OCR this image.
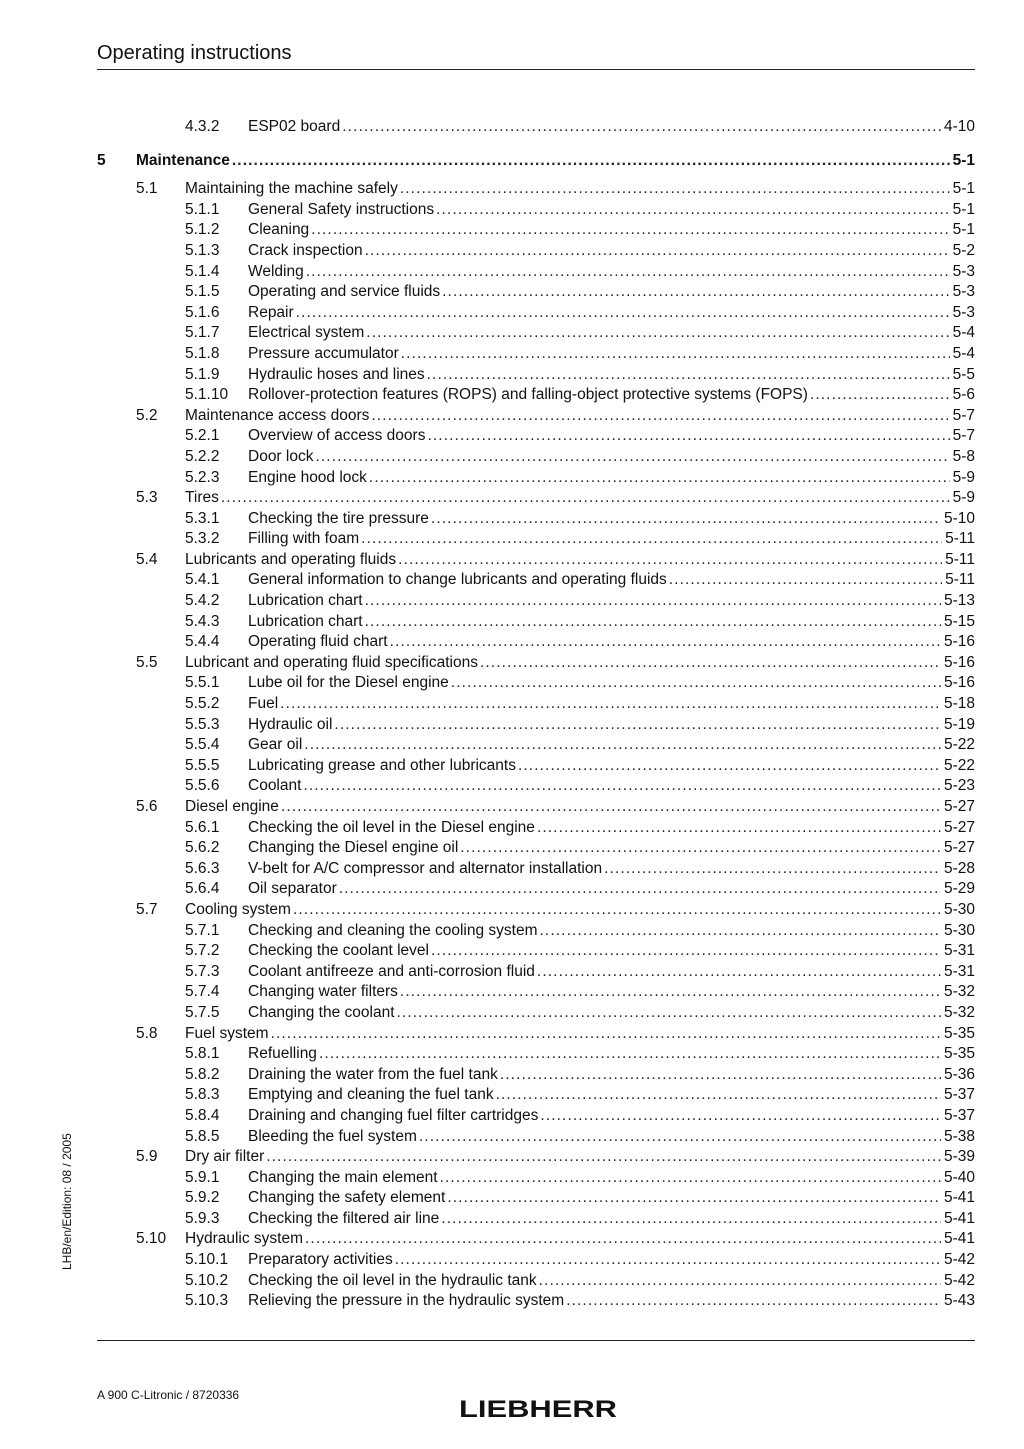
Operating instructions
4.3.2 ESP02 board . . .	4-10
5 Maintenance . . .	5-1
5.1 Maintaining the machine safely . . .	5-1
5.1.1 General Safety instructions . . .	5-1
5.1.2 Cleaning . . .	5-1
5.1.3 Crack inspection . . .	5-2
5.1.4 Welding . . .	5-3
5.1.5 Operating and service fluids . . .	5-3
5.1.6 Repair . . .	5-3
5.1.7 Electrical system . . .	5-4
5.1.8 Pressure accumulator . . .	5-4
5.1.9 Hydraulic hoses and lines . . .	5-5
5.1.10 Rollover-protection features (ROPS) and falling-object protective systems (FOPS) . . .	5-6
5.2 Maintenance access doors . . .	5-7
5.2.1 Overview of access doors . . .	5-7
5.2.2 Door lock . . .	5-8
5.2.3 Engine hood lock . . .	5-9
5.3 Tires . . .	5-9
5.3.1 Checking the tire pressure . . .	5-10
5.3.2 Filling with foam . . .	5-11
5.4 Lubricants and operating fluids . . .	5-11
5.4.1 General information to change lubricants and operating fluids . . .	5-11
5.4.2 Lubrication chart . . .	5-13
5.4.3 Lubrication chart . . .	5-15
5.4.4 Operating fluid chart . . .	5-16
5.5 Lubricant and operating fluid specifications . . .	5-16
5.5.1 Lube oil for the Diesel engine . . .	5-16
5.5.2 Fuel . . .	5-18
5.5.3 Hydraulic oil . . .	5-19
5.5.4 Gear oil . . .	5-22
5.5.5 Lubricating grease and other lubricants . . .	5-22
5.5.6 Coolant . . .	5-23
5.6 Diesel engine . . .	5-27
5.6.1 Checking the oil level in the Diesel engine . . .	5-27
5.6.2 Changing the Diesel engine oil . . .	5-27
5.6.3 V-belt for A/C compressor and alternator installation . . .	5-28
5.6.4 Oil separator . . .	5-29
5.7 Cooling system . . .	5-30
5.7.1 Checking and cleaning the cooling system . . .	5-30
5.7.2 Checking the coolant level . . .	5-31
5.7.3 Coolant antifreeze and anti-corrosion fluid . . .	5-31
5.7.4 Changing water filters . . .	5-32
5.7.5 Changing the coolant . . .	5-32
5.8 Fuel system . . .	5-35
5.8.1 Refuelling . . .	5-35
5.8.2 Draining the water from the fuel tank . . .	5-36
5.8.3 Emptying and cleaning the fuel tank . . .	5-37
5.8.4 Draining and changing fuel filter cartridges . . .	5-37
5.8.5 Bleeding the fuel system . . .	5-38
5.9 Dry air filter . . .	5-39
5.9.1 Changing the main element . . .	5-40
5.9.2 Changing the safety element . . .	5-41
5.9.3 Checking the filtered air line . . .	5-41
5.10 Hydraulic system . . .	5-41
5.10.1 Preparatory activities . . .	5-42
5.10.2 Checking the oil level in the hydraulic tank . . .	5-42
5.10.3 Relieving the pressure in the hydraulic system . . .	5-43
LHB/en/Edition: 08 / 2005
A 900 C-Litronic / 8720336
LIEBHERR
